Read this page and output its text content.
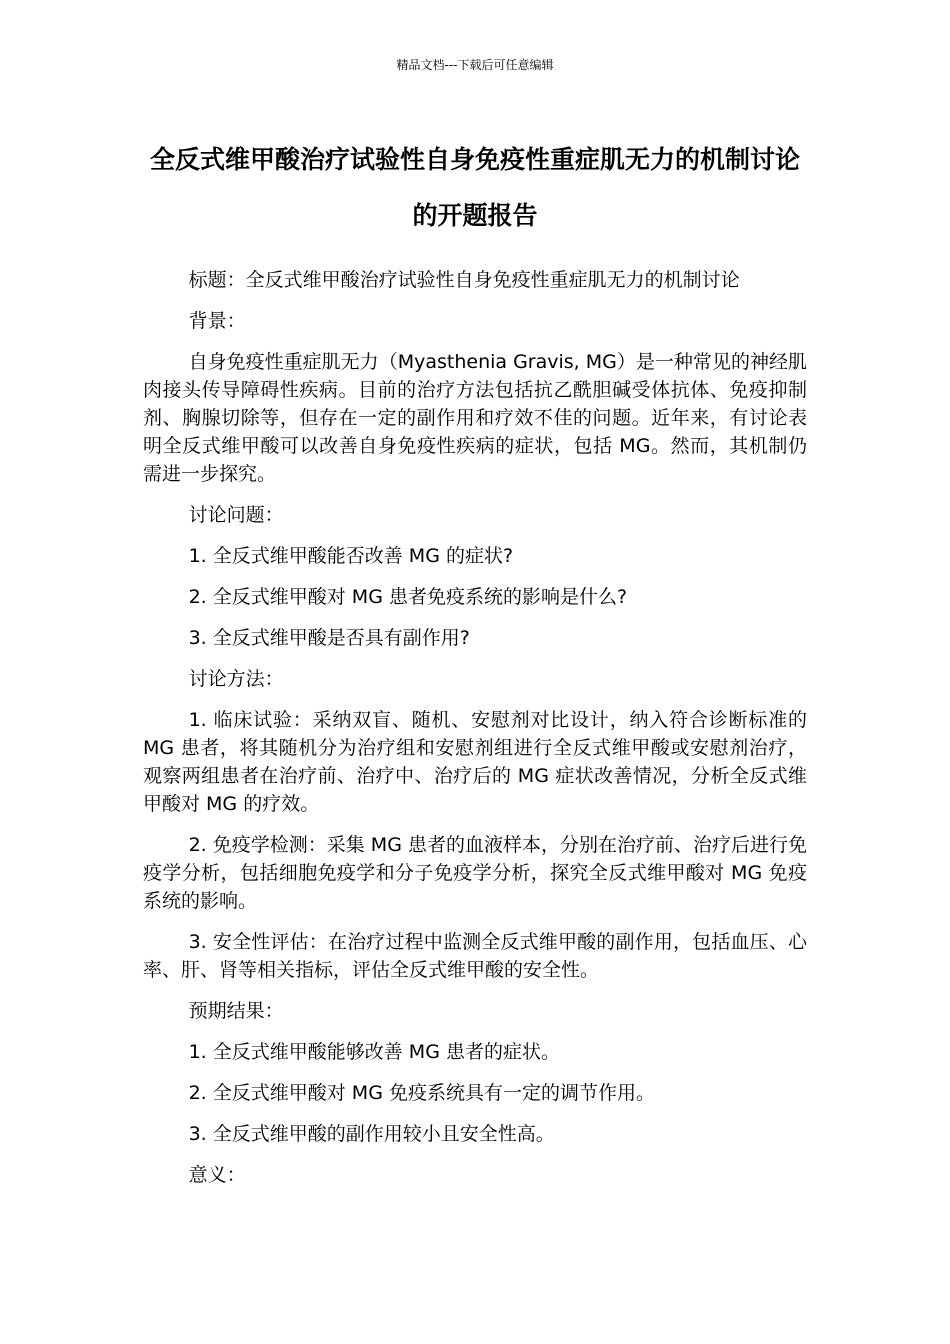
精品文档---下载后可任意编辑
全反式维甲酸治疗试验性自身免疫性重症肌无力的机制讨论的开题报告

标题：全反式维甲酸治疗试验性自身免疫性重症肌无力的机制讨论

背景：

自身免疫性重症肌无力（Myasthenia Gravis, MG）是一种常见的神经肌肉接头传导障碍性疾病。目前的治疗方法包括抗乙酰胆碱受体抗体、免疫抑制剂、胸腺切除等，但存在一定的副作用和疗效不佳的问题。近年来，有讨论表明全反式维甲酸可以改善自身免疫性疾病的症状，包括 MG。然而，其机制仍需进一步探究。

讨论问题：

1. 全反式维甲酸能否改善 MG 的症状?

2. 全反式维甲酸对 MG 患者免疫系统的影响是什么?

3. 全反式维甲酸是否具有副作用?

讨论方法：

1. 临床试验：采纳双盲、随机、安慰剂对比设计，纳入符合诊断标准的 MG 患者，将其随机分为治疗组和安慰剂组进行全反式维甲酸或安慰剂治疗，观察两组患者在治疗前、治疗中、治疗后的 MG 症状改善情况，分析全反式维甲酸对 MG 的疗效。

2. 免疫学检测：采集 MG 患者的血液样本，分别在治疗前、治疗后进行免疫学分析，包括细胞免疫学和分子免疫学分析，探究全反式维甲酸对 MG 免疫系统的影响。

3. 安全性评估：在治疗过程中监测全反式维甲酸的副作用，包括血压、心率、肝、肾等相关指标，评估全反式维甲酸的安全性。

预期结果：

1. 全反式维甲酸能够改善 MG 患者的症状。

2. 全反式维甲酸对 MG 免疫系统具有一定的调节作用。

3. 全反式维甲酸的副作用较小且安全性高。

意义：
